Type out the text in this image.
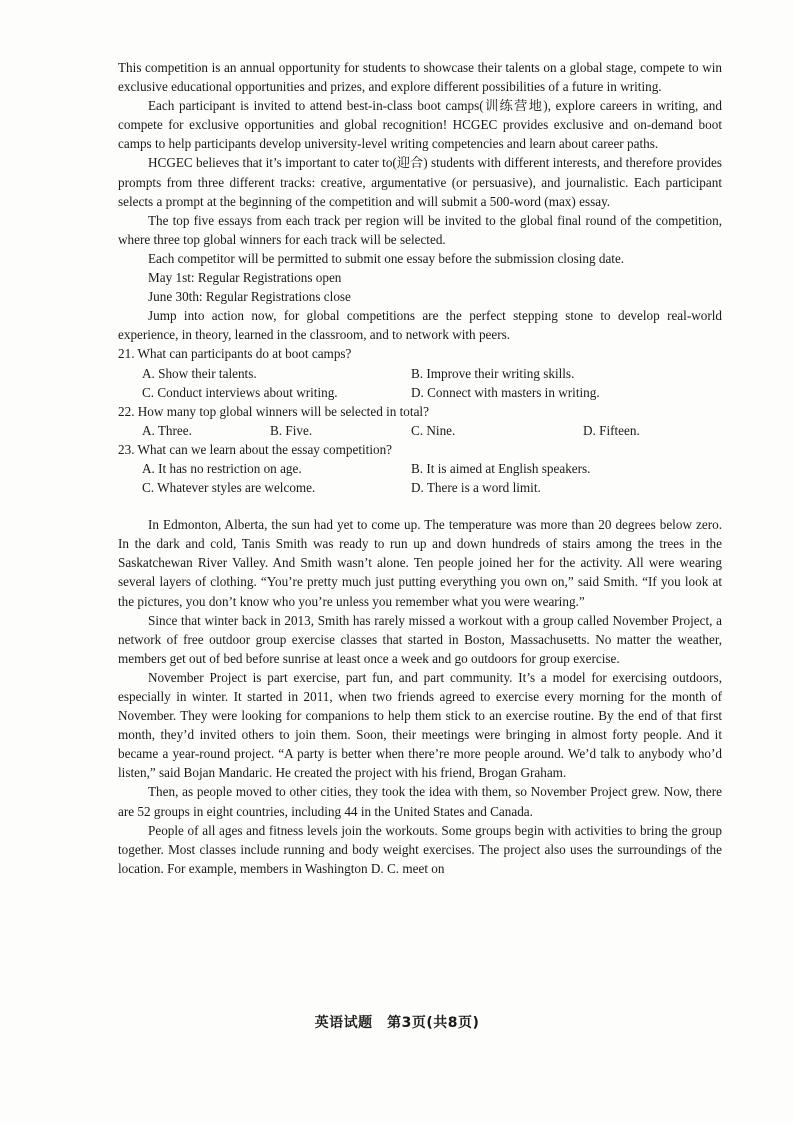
This competition is an annual opportunity for students to showcase their talents on a global stage, compete to win exclusive educational opportunities and prizes, and explore different possibilities of a future in writing.

Each participant is invited to attend best-in-class boot camps(训练营地), explore careers in writing, and compete for exclusive opportunities and global recognition! HCGEC provides exclusive and on-demand boot camps to help participants develop university-level writing competencies and learn about career paths.

HCGEC believes that it’s important to cater to(迎合) students with different interests, and therefore provides prompts from three different tracks: creative, argumentative (or persuasive), and journalistic. Each participant selects a prompt at the beginning of the competition and will submit a 500-word (max) essay.

The top five essays from each track per region will be invited to the global final round of the competition, where three top global winners for each track will be selected.

Each competitor will be permitted to submit one essay before the submission closing date.

May 1st: Regular Registrations open

June 30th: Regular Registrations close

Jump into action now, for global competitions are the perfect stepping stone to develop real-world experience, in theory, learned in the classroom, and to network with peers.

21. What can participants do at boot camps?

A. Show their talents.	B. Improve their writing skills.
C. Conduct interviews about writing.	D. Connect with masters in writing.

22. How many top global winners will be selected in total?

A. Three.	B. Five.	C. Nine.	D. Fifteen.

23. What can we learn about the essay competition?

A. It has no restriction on age.	B. It is aimed at English speakers.
C. Whatever styles are welcome.	D. There is a word limit.

In Edmonton, Alberta, the sun had yet to come up. The temperature was more than 20 degrees below zero. In the dark and cold, Tanis Smith was ready to run up and down hundreds of stairs among the trees in the Saskatchewan River Valley. And Smith wasn’t alone. Ten people joined her for the activity. All were wearing several layers of clothing. “You’re pretty much just putting everything you own on,” said Smith. “If you look at the pictures, you don’t know who you’re unless you remember what you were wearing.”

Since that winter back in 2013, Smith has rarely missed a workout with a group called November Project, a network of free outdoor group exercise classes that started in Boston, Massachusetts. No matter the weather, members get out of bed before sunrise at least once a week and go outdoors for group exercise.

November Project is part exercise, part fun, and part community. It’s a model for exercising outdoors, especially in winter. It started in 2011, when two friends agreed to exercise every morning for the month of November. They were looking for companions to help them stick to an exercise routine. By the end of that first month, they’d invited others to join them. Soon, their meetings were bringing in almost forty people. And it became a year-round project. “A party is better when there’re more people around. We’d talk to anybody who’d listen,” said Bojan Mandaric. He created the project with his friend, Brogan Graham.

Then, as people moved to other cities, they took the idea with them, so November Project grew. Now, there are 52 groups in eight countries, including 44 in the United States and Canada.

People of all ages and fitness levels join the workouts. Some groups begin with activities to bring the group together. Most classes include running and body weight exercises. The project also uses the surroundings of the location. For example, members in Washington D. C. meet on

英语试题　第3页(共8页)
